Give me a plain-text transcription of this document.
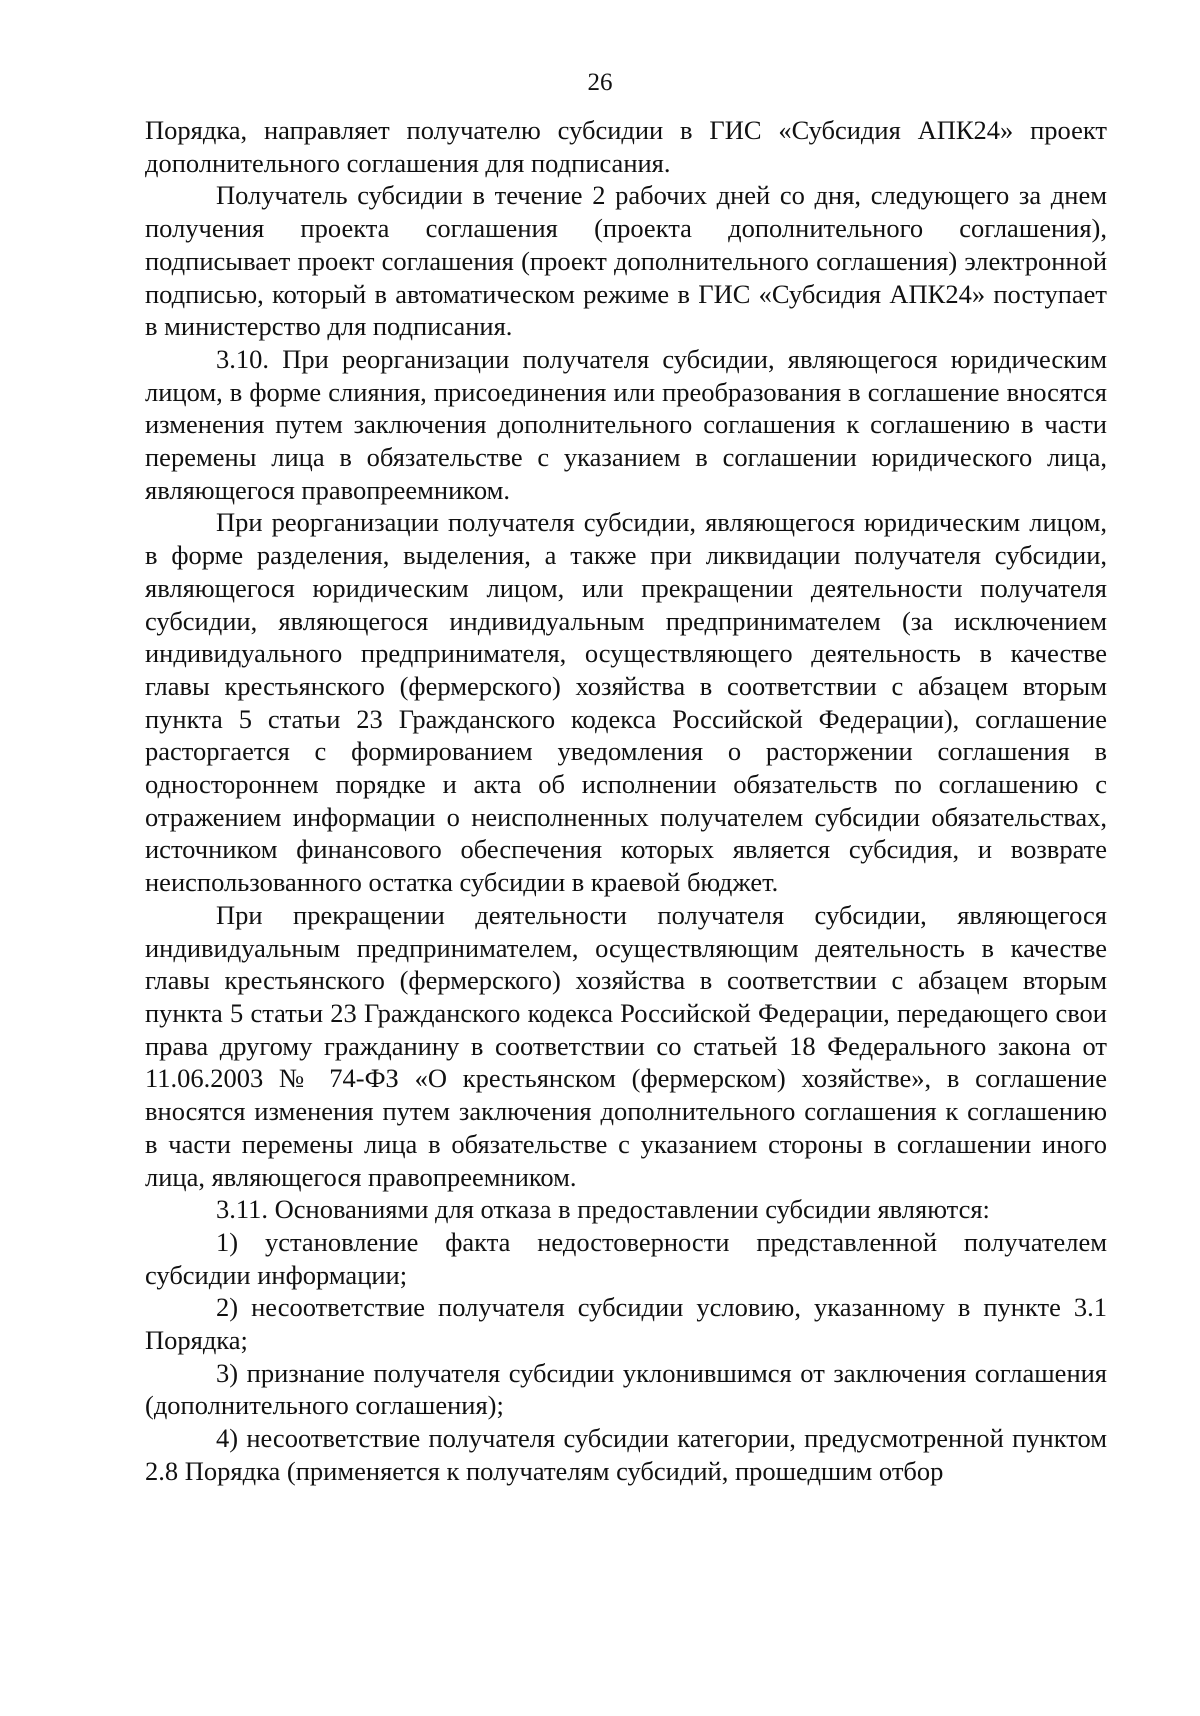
26

Порядка, направляет получателю субсидии в ГИС «Субсидия АПК24» проект дополнительного соглашения для подписания.

Получатель субсидии в течение 2 рабочих дней со дня, следующего за днем получения проекта соглашения (проекта дополнительного соглашения), подписывает проект соглашения (проект дополнительного соглашения) электронной подписью, который в автоматическом режиме в ГИС «Субсидия АПК24» поступает в министерство для подписания.

3.10. При реорганизации получателя субсидии, являющегося юридическим лицом, в форме слияния, присоединения или преобразования в соглашение вносятся изменения путем заключения дополнительного соглашения к соглашению в части перемены лица в обязательстве с указанием в соглашении юридического лица, являющегося правопреемником.

При реорганизации получателя субсидии, являющегося юридическим лицом, в форме разделения, выделения, а также при ликвидации получателя субсидии, являющегося юридическим лицом, или прекращении деятельности получателя субсидии, являющегося индивидуальным предпринимателем (за исключением индивидуального предпринимателя, осуществляющего деятельность в качестве главы крестьянского (фермерского) хозяйства в соответствии с абзацем вторым пункта 5 статьи 23 Гражданского кодекса Российской Федерации), соглашение расторгается с формированием уведомления о расторжении соглашения в одностороннем порядке и акта об исполнении обязательств по соглашению с отражением информации о неисполненных получателем субсидии обязательствах, источником финансового обеспечения которых является субсидия, и возврате неиспользованного остатка субсидии в краевой бюджет.

При прекращении деятельности получателя субсидии, являющегося индивидуальным предпринимателем, осуществляющим деятельность в качестве главы крестьянского (фермерского) хозяйства в соответствии с абзацем вторым пункта 5 статьи 23 Гражданского кодекса Российской Федерации, передающего свои права другому гражданину в соответствии со статьей 18 Федерального закона от 11.06.2003 № 74-ФЗ «О крестьянском (фермерском) хозяйстве», в соглашение вносятся изменения путем заключения дополнительного соглашения к соглашению в части перемены лица в обязательстве с указанием стороны в соглашении иного лица, являющегося правопреемником.

3.11. Основаниями для отказа в предоставлении субсидии являются:

1) установление факта недостоверности представленной получателем субсидии информации;

2) несоответствие получателя субсидии условию, указанному в пункте 3.1 Порядка;

3) признание получателя субсидии уклонившимся от заключения соглашения (дополнительного соглашения);

4) несоответствие получателя субсидии категории, предусмотренной пунктом 2.8 Порядка (применяется к получателям субсидий, прошедшим отбор
